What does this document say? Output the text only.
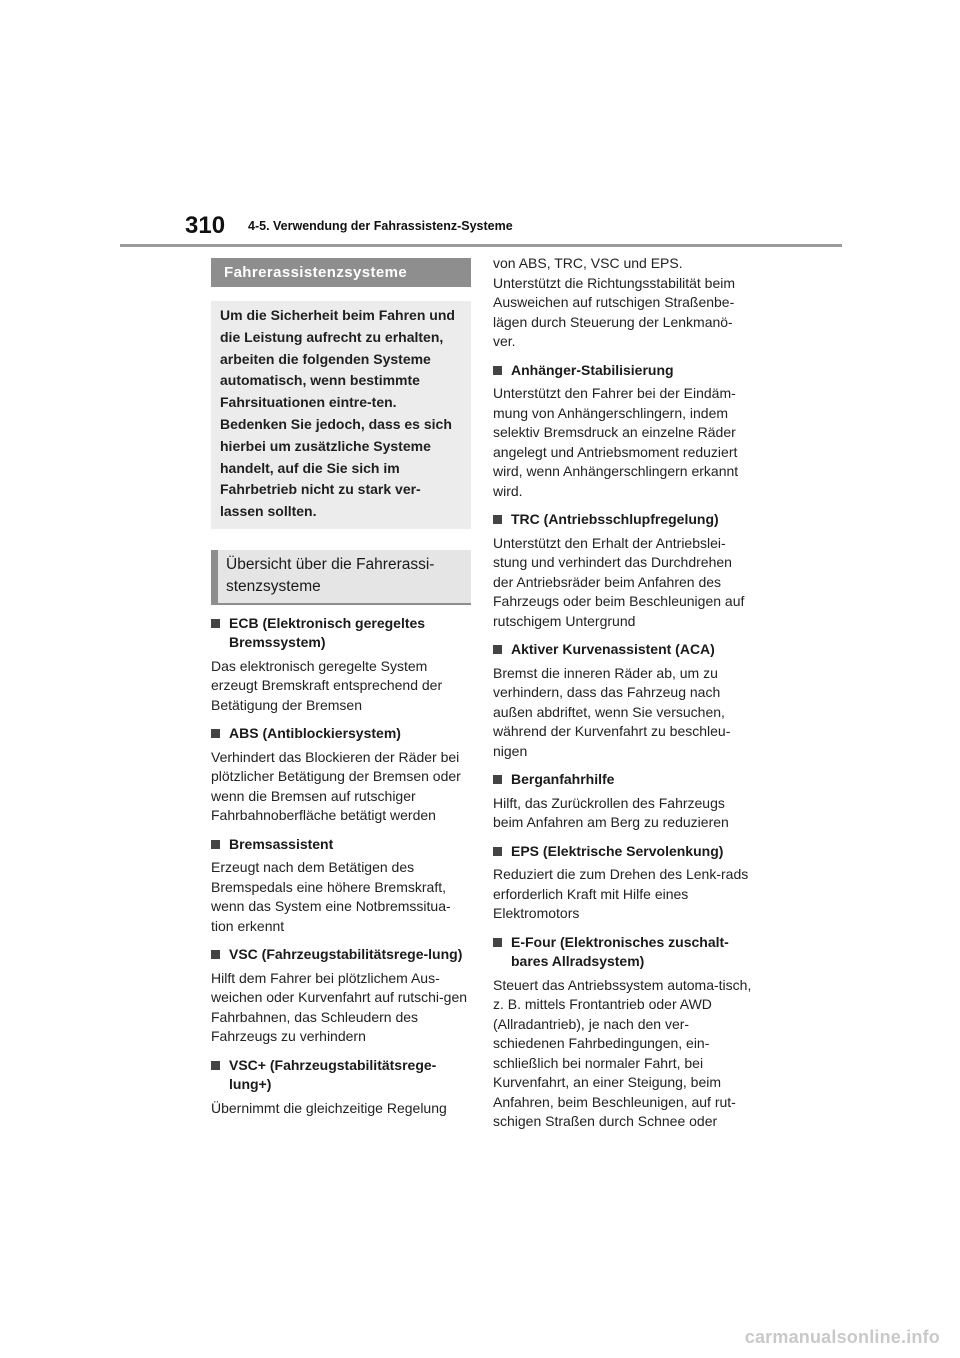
310 4-5. Verwendung der Fahrassistenz-Systeme
Fahrerassistenzsysteme
Um die Sicherheit beim Fahren und die Leistung aufrecht zu erhalten, arbeiten die folgenden Systeme automatisch, wenn bestimmte Fahrsituationen eintre-ten. Bedenken Sie jedoch, dass es sich hierbei um zusätzliche Systeme handelt, auf die Sie sich im Fahrbetrieb nicht zu stark ver-lassen sollten.
Übersicht über die Fahrerassi-stenzsysteme
ECB (Elektronisch geregeltes Bremssystem)
Das elektronisch geregelte System erzeugt Bremskraft entsprechend der Betätigung der Bremsen
ABS (Antiblockiersystem)
Verhindert das Blockieren der Räder bei plötzlicher Betätigung der Bremsen oder wenn die Bremsen auf rutschiger Fahrbahnoberfläche betätigt werden
Bremsassistent
Erzeugt nach dem Betätigen des Bremspedals eine höhere Bremskraft, wenn das System eine Notbremssitua-tion erkennt
VSC (Fahrzeugstabilitätsrege-lung)
Hilft dem Fahrer bei plötzlichem Aus-weichen oder Kurvenfahrt auf rutschi-gen Fahrbahnen, das Schleudern des Fahrzeugs zu verhindern
VSC+ (Fahrzeugstabilitätsrege-lung+)
Übernimmt die gleichzeitige Regelung
von ABS, TRC, VSC und EPS. Unterstützt die Richtungsstabilität beim Ausweichen auf rutschigen Straßenbe-lägen durch Steuerung der Lenkmanö-ver.
Anhänger-Stabilisierung
Unterstützt den Fahrer bei der Eindäm-mung von Anhängerschlingern, indem selektiv Bremsdruck an einzelne Räder angelegt und Antriebsmoment reduziert wird, wenn Anhängerschlingern erkannt wird.
TRC (Antriebsschlupfregelung)
Unterstützt den Erhalt der Antriebslei-stung und verhindert das Durchdrehen der Antriebsräder beim Anfahren des Fahrzeugs oder beim Beschleunigen auf rutschigem Untergrund
Aktiver Kurvenassistent (ACA)
Bremst die inneren Räder ab, um zu verhindern, dass das Fahrzeug nach außen abdriftet, wenn Sie versuchen, während der Kurvenfahrt zu beschleu-nigen
Berganfahrhilfe
Hilft, das Zurückrollen des Fahrzeugs beim Anfahren am Berg zu reduzieren
EPS (Elektrische Servolenkung)
Reduziert die zum Drehen des Lenk-rads erforderlich Kraft mit Hilfe eines Elektromotors
E-Four (Elektronisches zuschalt-bares Allradsystem)
Steuert das Antriebssystem automa-tisch, z. B. mittels Frontantrieb oder AWD (Allradantrieb), je nach den ver-schiedenen Fahrbedingungen, ein-schließlich bei normaler Fahrt, bei Kurvenfahrt, an einer Steigung, beim Anfahren, beim Beschleunigen, auf rut-schigen Straßen durch Schnee oder
carmanualsonline.info
